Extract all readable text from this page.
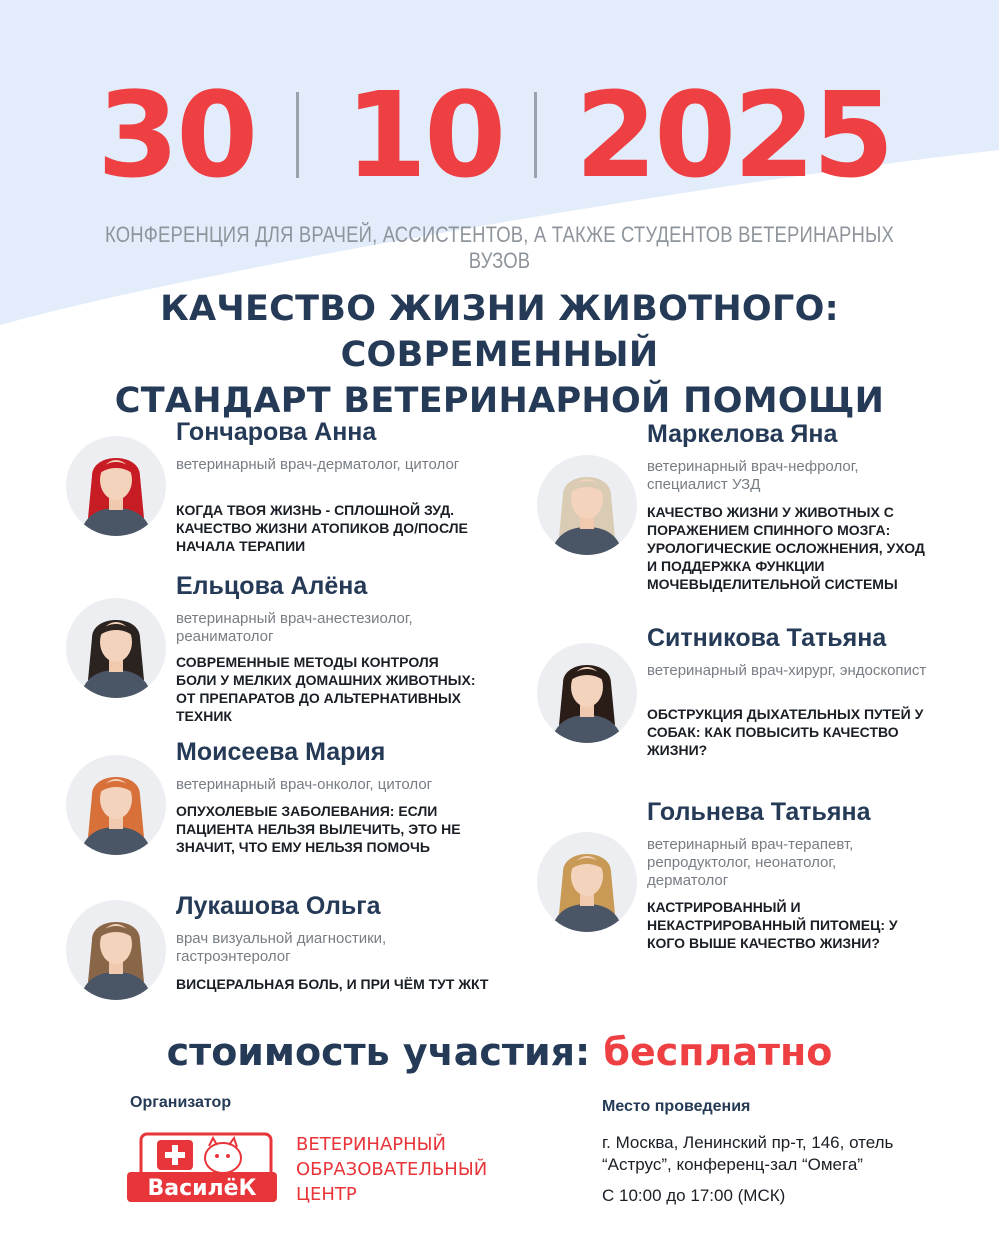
30 10 2025
КОНФЕРЕНЦИЯ ДЛЯ ВРАЧЕЙ, АССИСТЕНТОВ, А ТАКЖЕ СТУДЕНТОВ ВЕТЕРИНАРНЫХ ВУЗОВ
КАЧЕСТВО ЖИЗНИ ЖИВОТНОГО: СОВРЕМЕННЫЙ
СТАНДАРТ ВЕТЕРИНАРНОЙ ПОМОЩИ
Гончарова Анна
ветеринарный врач-дерматолог, цитолог
КОГДА ТВОЯ ЖИЗНЬ - СПЛОШНОЙ ЗУД. КАЧЕСТВО ЖИЗНИ АТОПИКОВ ДО/ПОСЛЕ НАЧАЛА ТЕРАПИИ
Ельцова Алёна
ветеринарный врач-анестезиолог, реаниматолог
СОВРЕМЕННЫЕ МЕТОДЫ КОНТРОЛЯ БОЛИ У МЕЛКИХ ДОМАШНИХ ЖИВОТНЫХ: ОТ ПРЕПАРАТОВ ДО АЛЬТЕРНАТИВНЫХ ТЕХНИК
Моисеева Мария
ветеринарный врач-онколог, цитолог
ОПУХОЛЕВЫЕ ЗАБОЛЕВАНИЯ: ЕСЛИ ПАЦИЕНТА НЕЛЬЗЯ ВЫЛЕЧИТЬ, ЭТО НЕ ЗНАЧИТ, ЧТО ЕМУ НЕЛЬЗЯ ПОМОЧЬ
Лукашова Ольга
врач визуальной диагностики, гастроэнтеролог
ВИСЦЕРАЛЬНАЯ БОЛЬ, И ПРИ ЧЁМ ТУТ ЖКТ
Маркелова Яна
ветеринарный врач-нефролог, специалист УЗД
КАЧЕСТВО ЖИЗНИ У ЖИВОТНЫХ С ПОРАЖЕНИЕМ СПИННОГО МОЗГА: УРОЛОГИЧЕСКИЕ ОСЛОЖНЕНИЯ, УХОД И ПОДДЕРЖКА ФУНКЦИИ МОЧЕВЫДЕЛИТЕЛЬНОЙ СИСТЕМЫ
Ситникова Татьяна
ветеринарный врач-хирург, эндоскопист
ОБСТРУКЦИЯ ДЫХАТЕЛЬНЫХ ПУТЕЙ У СОБАК: КАК ПОВЫСИТЬ КАЧЕСТВО ЖИЗНИ?
Гольнева Татьяна
ветеринарный врач-терапевт, репродуктолог, неонатолог, дерматолог
КАСТРИРОВАННЫЙ И НЕКАСТРИРОВАННЫЙ ПИТОМЕЦ: У КОГО ВЫШЕ КАЧЕСТВО ЖИЗНИ?
стоимость участия: бесплатно
Организатор
ВасилёК
ВЕТЕРИНАРНЫЙ
ОБРАЗОВАТЕЛЬНЫЙ
ЦЕНТР
Место проведения
г. Москва, Ленинский пр-т, 146, отель “Аструс”, конференц-зал “Омега”
С 10:00 до 17:00 (МСК)
